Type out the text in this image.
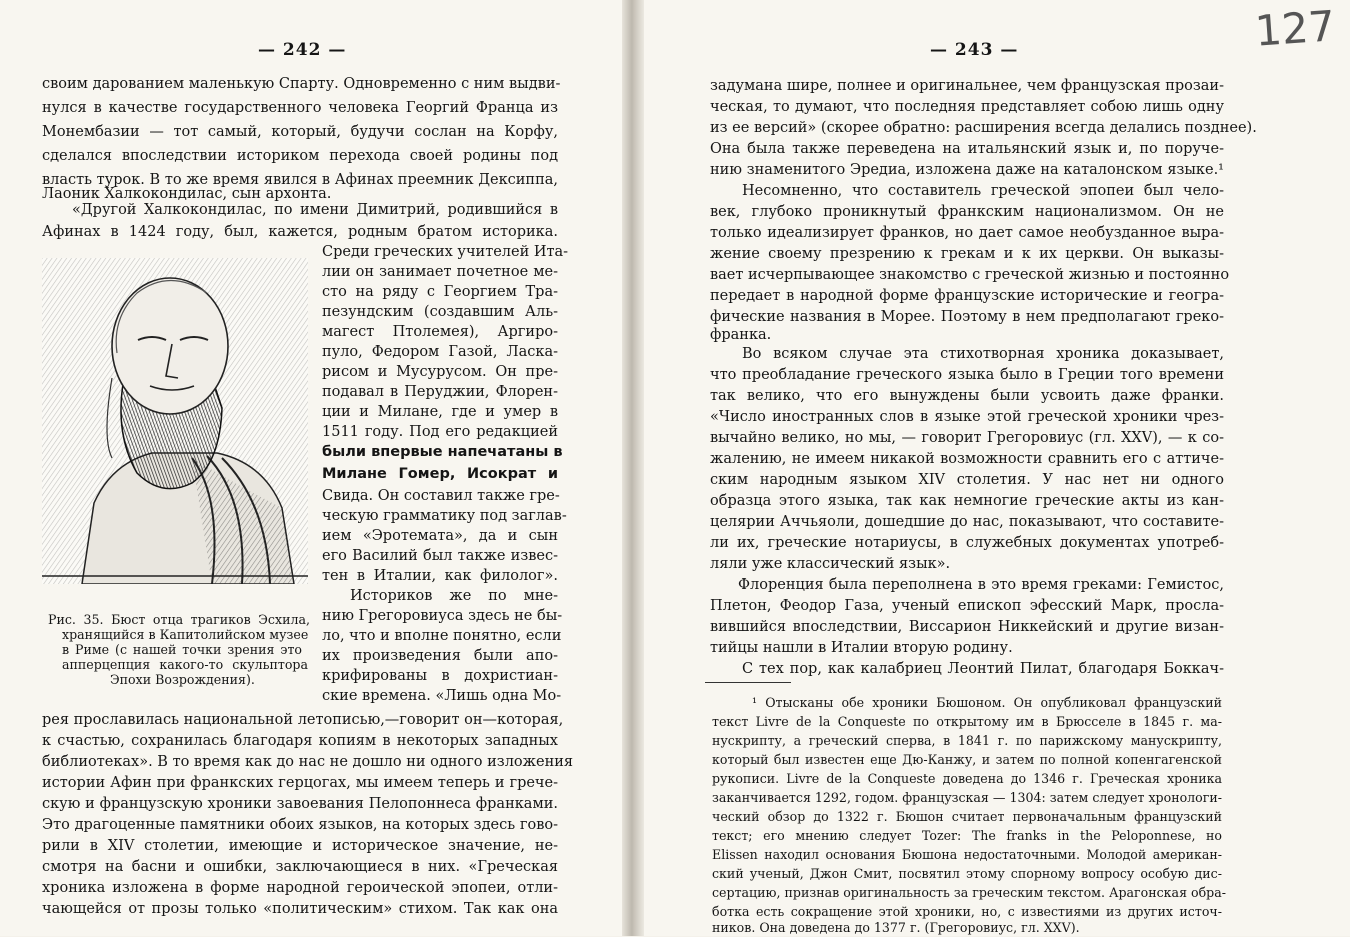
— 242 —	— 243 —	127
своим дарованием маленькую Спарту. Одновременно с ним выдви-
нулся в качестве государственного человека Георгий Франца из
Монембазии — тот самый, который, будучи сослан на Корфу,
сделался впоследствии историком перехода своей родины под
власть турок. В то же время явился в Афинах преемник Дексиппа,
Лаоник Халкокондилас, сын архонта.
«Другой Халкокондилас, по имени Димитрий, родившийся в
Афинах в 1424 году, был, кажется, родным братом историка.
Среди греческих учителей Ита-
лии он занимает почетное ме-
сто на ряду с Георгием Тра-
пезундским (создавшим Аль-
магест Птолемея), Аргиро-
пуло, Федором Газой, Ласка-
рисом и Мусурусом. Он пре-
подавал в Перуджии, Флорен-
ции и Милане, где и умер в
1511 году. Под его редакцией
были впервые напечатаны в
Милане Гомер, Исократ и
Свида. Он составил также гре-
ческую грамматику под заглав-
ием «Эротемата», да и сын
его Василий был также извес-
тен в Италии, как филолог».
Историков же по мне-
нию Грегоровиуса здесь не бы-
ло, что и вполне понятно, если
их произведения были апо-
крифированы в дохристиан-
ские времена. «Лишь одна Мо-
Рис. 35. Бюст отца трагиков Эсхила,
хранящийся в Капитолийском музее
в Риме (с нашей точки зрения это
апперцепция какого-то скульптора
Эпохи Возрождения).
рея прославилась национальной летописью,—говорит он—которая,
к счастью, сохранилась благодаря копиям в некоторых западных
библиотеках». В то время как до нас не дошло ни одного изложения
истории Афин при франкских герцогах, мы имеем теперь и грече-
скую и французскую хроники завоевания Пелопоннеса франками.
Это драгоценные памятники обоих языков, на которых здесь гово-
рили в XIV столетии, имеющие и историческое значение, не-
смотря на басни и ошибки, заключающиеся в них. «Греческая
хроника изложена в форме народной героической эпопеи, отли-
чающейся от прозы только «политическим» стихом. Так как она
задумана шире, полнее и оригинальнее, чем французская прозаи-
ческая, то думают, что последняя представляет собою лишь одну
из ее версий» (скорее обратно: расширения всегда делались позднее).
Она была также переведена на итальянский язык и, по поруче-
нию знаменитого Эредиа, изложена даже на каталонском языке.¹
Несомненно, что составитель греческой эпопеи был чело-
век, глубоко проникнутый франкским национализмом. Он не
только идеализирует франков, но дает самое необузданное выра-
жение своему презрению к грекам и к их церкви. Он выказы-
вает исчерпывающее знакомство с греческой жизнью и постоянно
передает в народной форме французские исторические и геогра-
фические названия в Морее. Поэтому в нем предполагают греко-
франка.
Во всяком случае эта стихотворная хроника доказывает,
что преобладание греческого языка было в Греции того времени
так велико, что его вынуждены были усвоить даже франки.
«Число иностранных слов в языке этой греческой хроники чрез-
вычайно велико, но мы, — говорит Грегоровиус (гл. XXV), — к со-
жалению, не имеем никакой возможности сравнить его с аттиче-
ским народным языком XIV столетия. У нас нет ни одного
образца этого языка, так как немногие греческие акты из кан-
целярии Аччьяоли, дошедшие до нас, показывают, что составите-
ли их, греческие нотариусы, в служебных документах употреб-
ляли уже классический язык».
Флоренция была переполнена в это время греками: Гемистос,
Плетон, Феодор Газа, ученый епископ эфесский Марк, просла-
вившийся впоследствии, Виссарион Никкейский и другие визан-
тийцы нашли в Италии вторую родину.
С тех пор, как калабриец Леонтий Пилат, благодаря Боккач-
¹ Отысканы обе хроники Бюшоном. Он опубликовал французский
текст Livre de la Conqueste по открытому им в Брюсселе в 1845 г. ма-
нускрипту, а греческий сперва, в 1841 г. по парижскому манускрипту,
который был известен еще Дю-Канжу, и затем по полной копенгагенской
рукописи. Livre de la Conqueste доведена до 1346 г. Греческая хроника
заканчивается 1292, годом. французская — 1304: затем следует хронологи-
ческий обзор до 1322 г. Бюшон считает первоначальным французский
текст; его мнению следует Tozer: The franks in the Peloponnese, но
Elissen находил основания Бюшона недостаточными. Молодой американ-
ский ученый, Джон Смит, посвятил этому спорному вопросу особую дис-
сертацию, признав оригинальность за греческим текстом. Арагонская обра-
ботка есть сокращение этой хроники, но, с известиями из других источ-
ников. Она доведена до 1377 г. (Грегоровиус, гл. XXV).
